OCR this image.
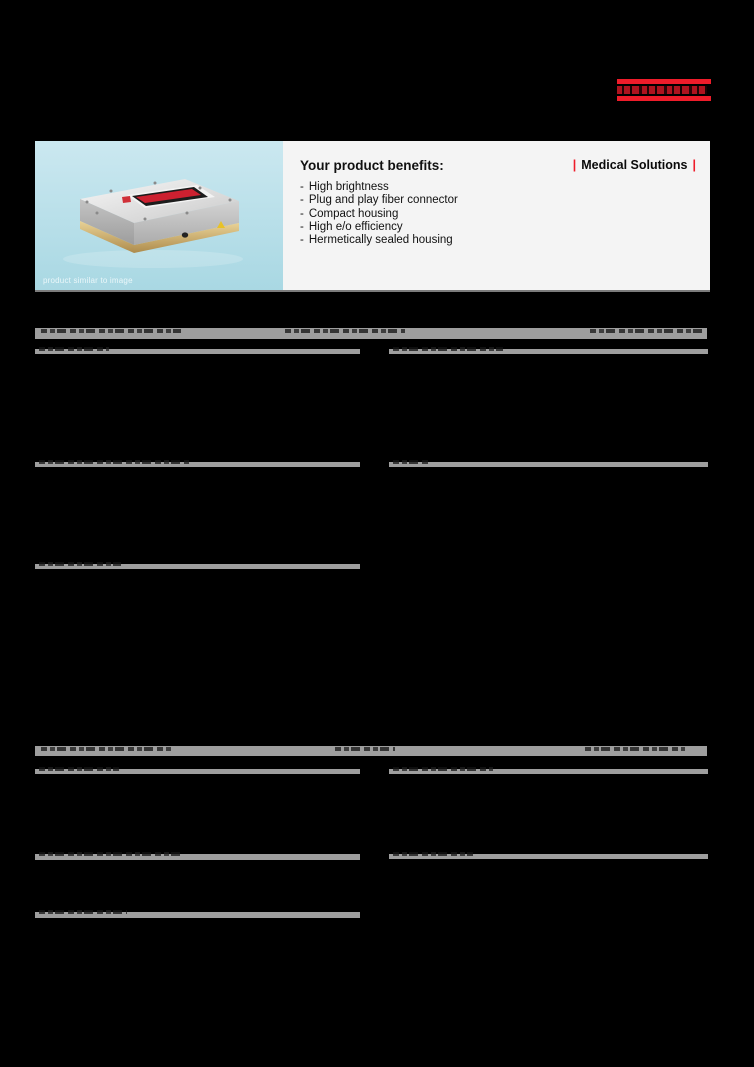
product similar to image
Your product benefits:
- High brightness
- Plug and play fiber connector
- Compact housing
- High e/o efficiency
- Hermetically sealed housing
| Medical Solutions |
